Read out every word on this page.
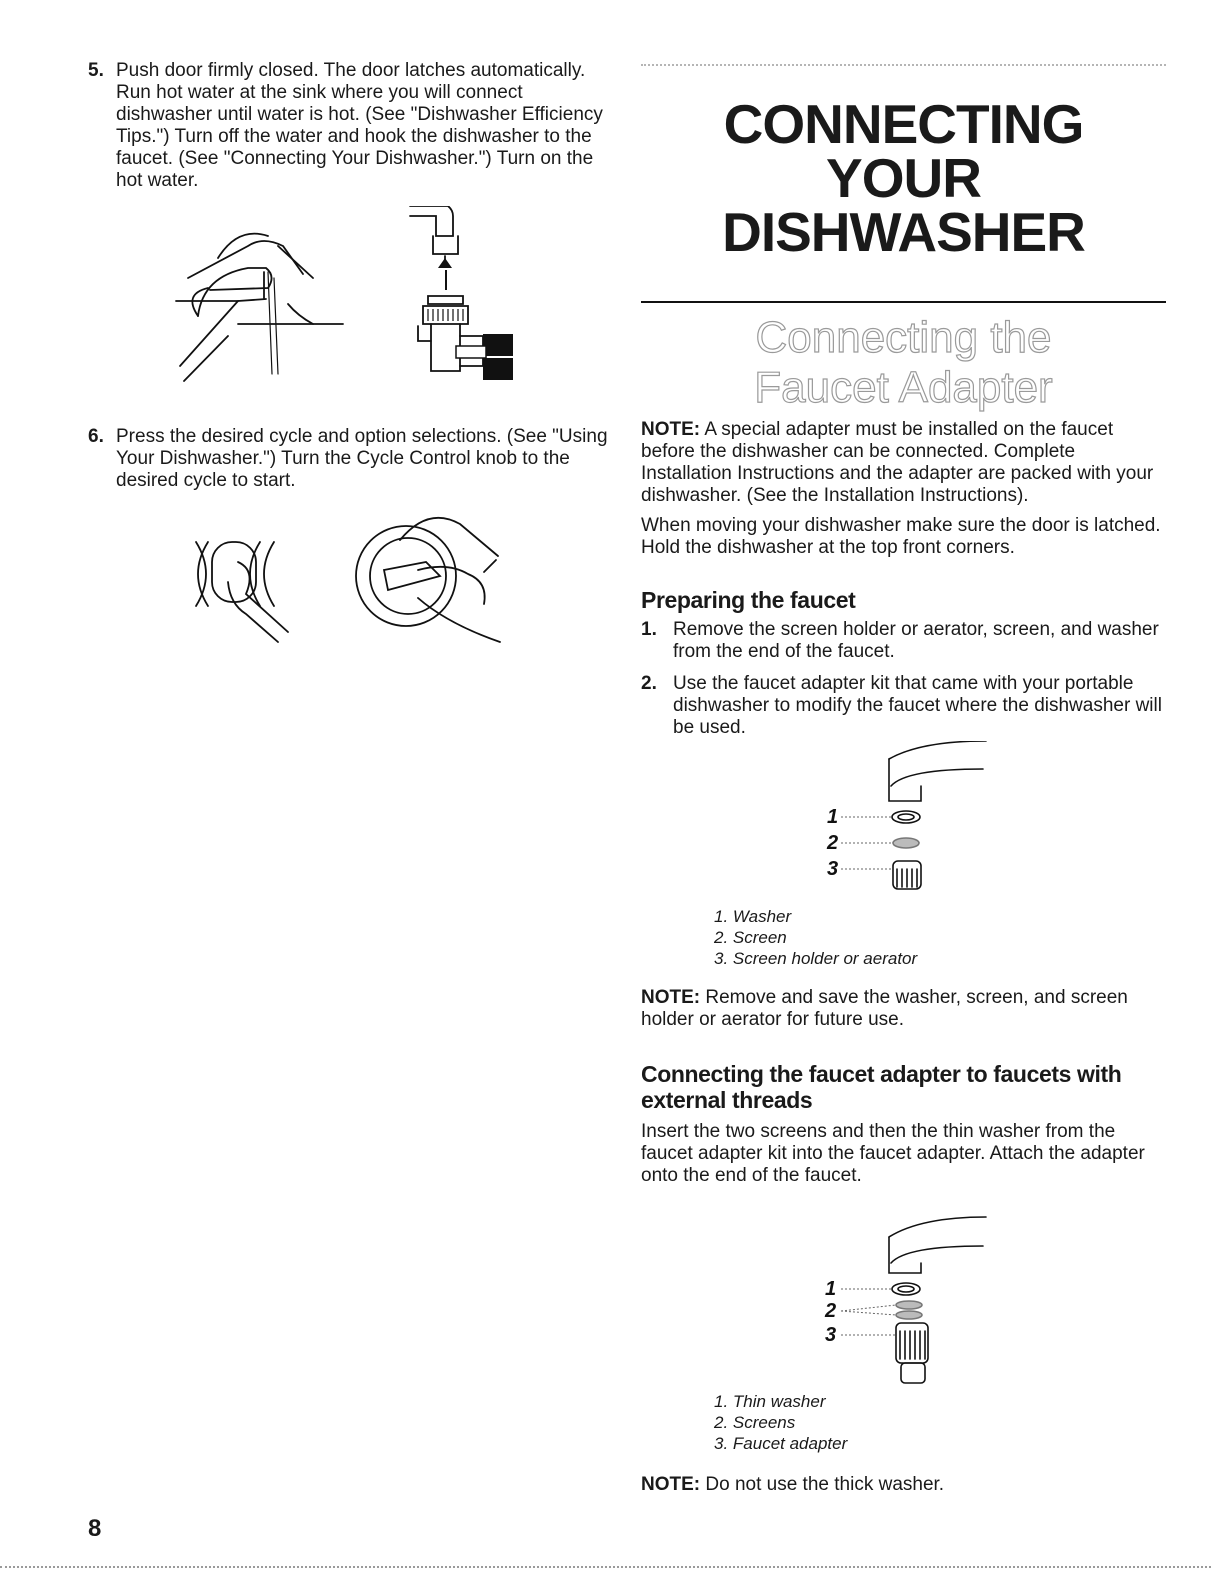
5. Push door firmly closed. The door latches automatically. Run hot water at the sink where you will connect dishwasher until water is hot. (See "Dishwasher Efficiency Tips.") Turn off the water and hook the dishwasher to the faucet. (See "Connecting Your Dishwasher.") Turn on the hot water.

6. Press the desired cycle and option selections. (See "Using Your Dishwasher.") Turn the Cycle Control knob to the desired cycle to start.

CONNECTING YOUR
DISHWASHER
Connecting the
Faucet Adapter

NOTE: A special adapter must be installed on the faucet before the dishwasher can be connected. Complete Installation Instructions and the adapter are packed with your dishwasher. (See the Installation Instructions).

When moving your dishwasher make sure the door is latched. Hold the dishwasher at the top front corners.

Preparing the faucet
1. Remove the screen holder or aerator, screen, and washer from the end of the faucet.
2. Use the faucet adapter kit that came with your portable dishwasher to modify the faucet where the dishwasher will be used.
1
2
3
1. Washer
2. Screen
3. Screen holder or aerator

NOTE: Remove and save the washer, screen, and screen holder or aerator for future use.

Connecting the faucet adapter to faucets with external threads

Insert the two screens and then the thin washer from the faucet adapter kit into the faucet adapter. Attach the adapter onto the end of the faucet.

1
2
3
1. Thin washer
2. Screens
3. Faucet adapter

NOTE: Do not use the thick washer.

8
